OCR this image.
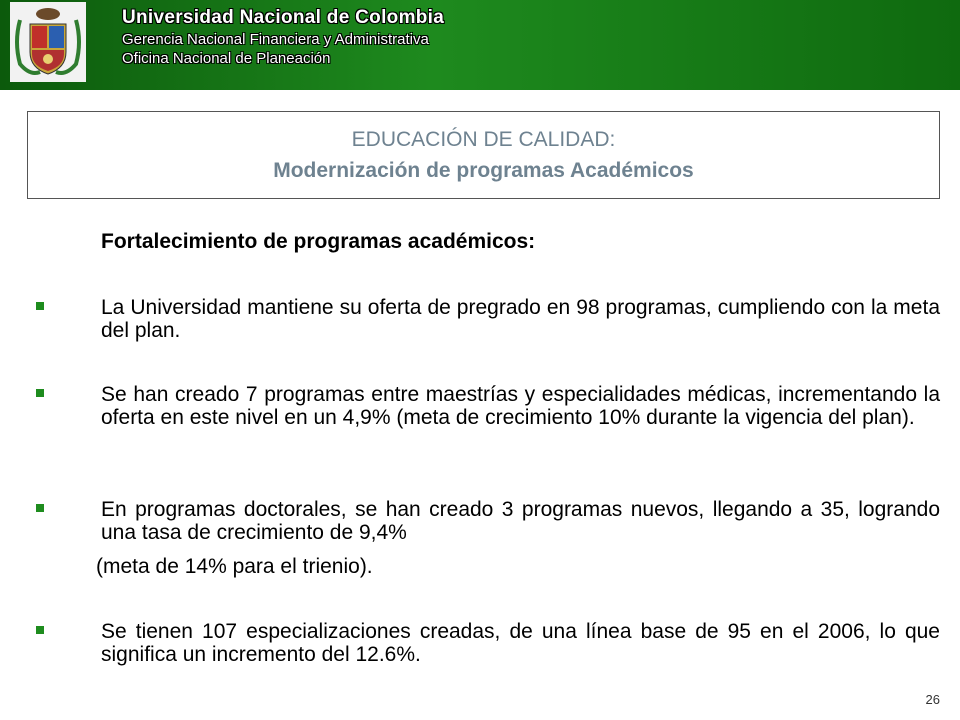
Universidad Nacional de Colombia
Gerencia Nacional Financiera y Administrativa
Oficina Nacional de Planeación
EDUCACIÓN DE CALIDAD:
Modernización de programas Académicos
Fortalecimiento de programas académicos:
La Universidad mantiene su oferta de pregrado en 98 programas, cumpliendo con la meta del plan.
Se han creado 7 programas entre maestrías y especialidades médicas, incrementando la oferta en este nivel en un 4,9% (meta de crecimiento 10% durante la vigencia del plan).
En programas doctorales, se han creado 3 programas nuevos, llegando a 35, logrando una tasa de crecimiento de 9,4%
(meta de 14% para el trienio).
Se tienen 107 especializaciones creadas, de una línea base de 95 en el 2006, lo que significa un incremento del 12.6%.
26
